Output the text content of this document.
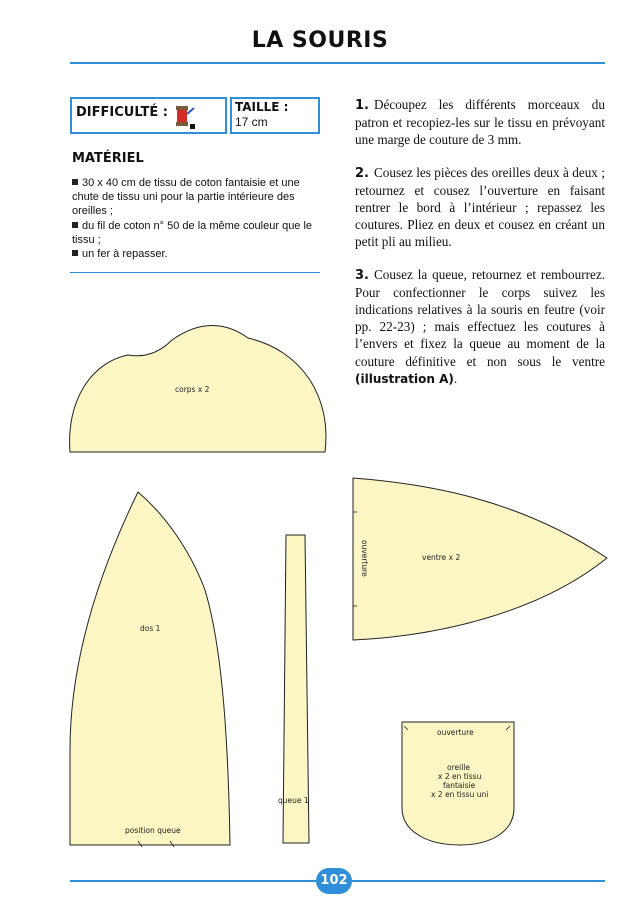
LA SOURIS
DIFFICULTÉ :	TAILLE :
17 cm
MATÉRIEL
30 x 40 cm de tissu de coton fantaisie et une chute de tissu uni pour la partie intérieure des oreilles ;
du fil de coton n° 50 de la même couleur que le tissu ;
un fer à repasser.

1. Découpez les différents morceaux du patron et recopiez-les sur le tissu en prévoyant une marge de couture de 3 mm.

2. Cousez les pièces des oreilles deux à deux ; retournez et cousez l’ouverture en faisant rentrer le bord à l’intérieur ; repassez les coutures. Pliez en deux et cousez en créant un petit pli au milieu.

3. Cousez la queue, retournez et rembourrez. Pour confectionner le corps suivez les indications relatives à la souris en feutre (voir pp. 22-23) ; mais effectuez les coutures à l’envers et fixez la queue au moment de la couture définitive et non sous le ventre (illustration A).

corps x 2
ventre x 2
ouverture
dos 1
position queue
queue 1
ouverture
oreille
x 2 en tissu
fantaisie
x 2 en tissu uni
102
